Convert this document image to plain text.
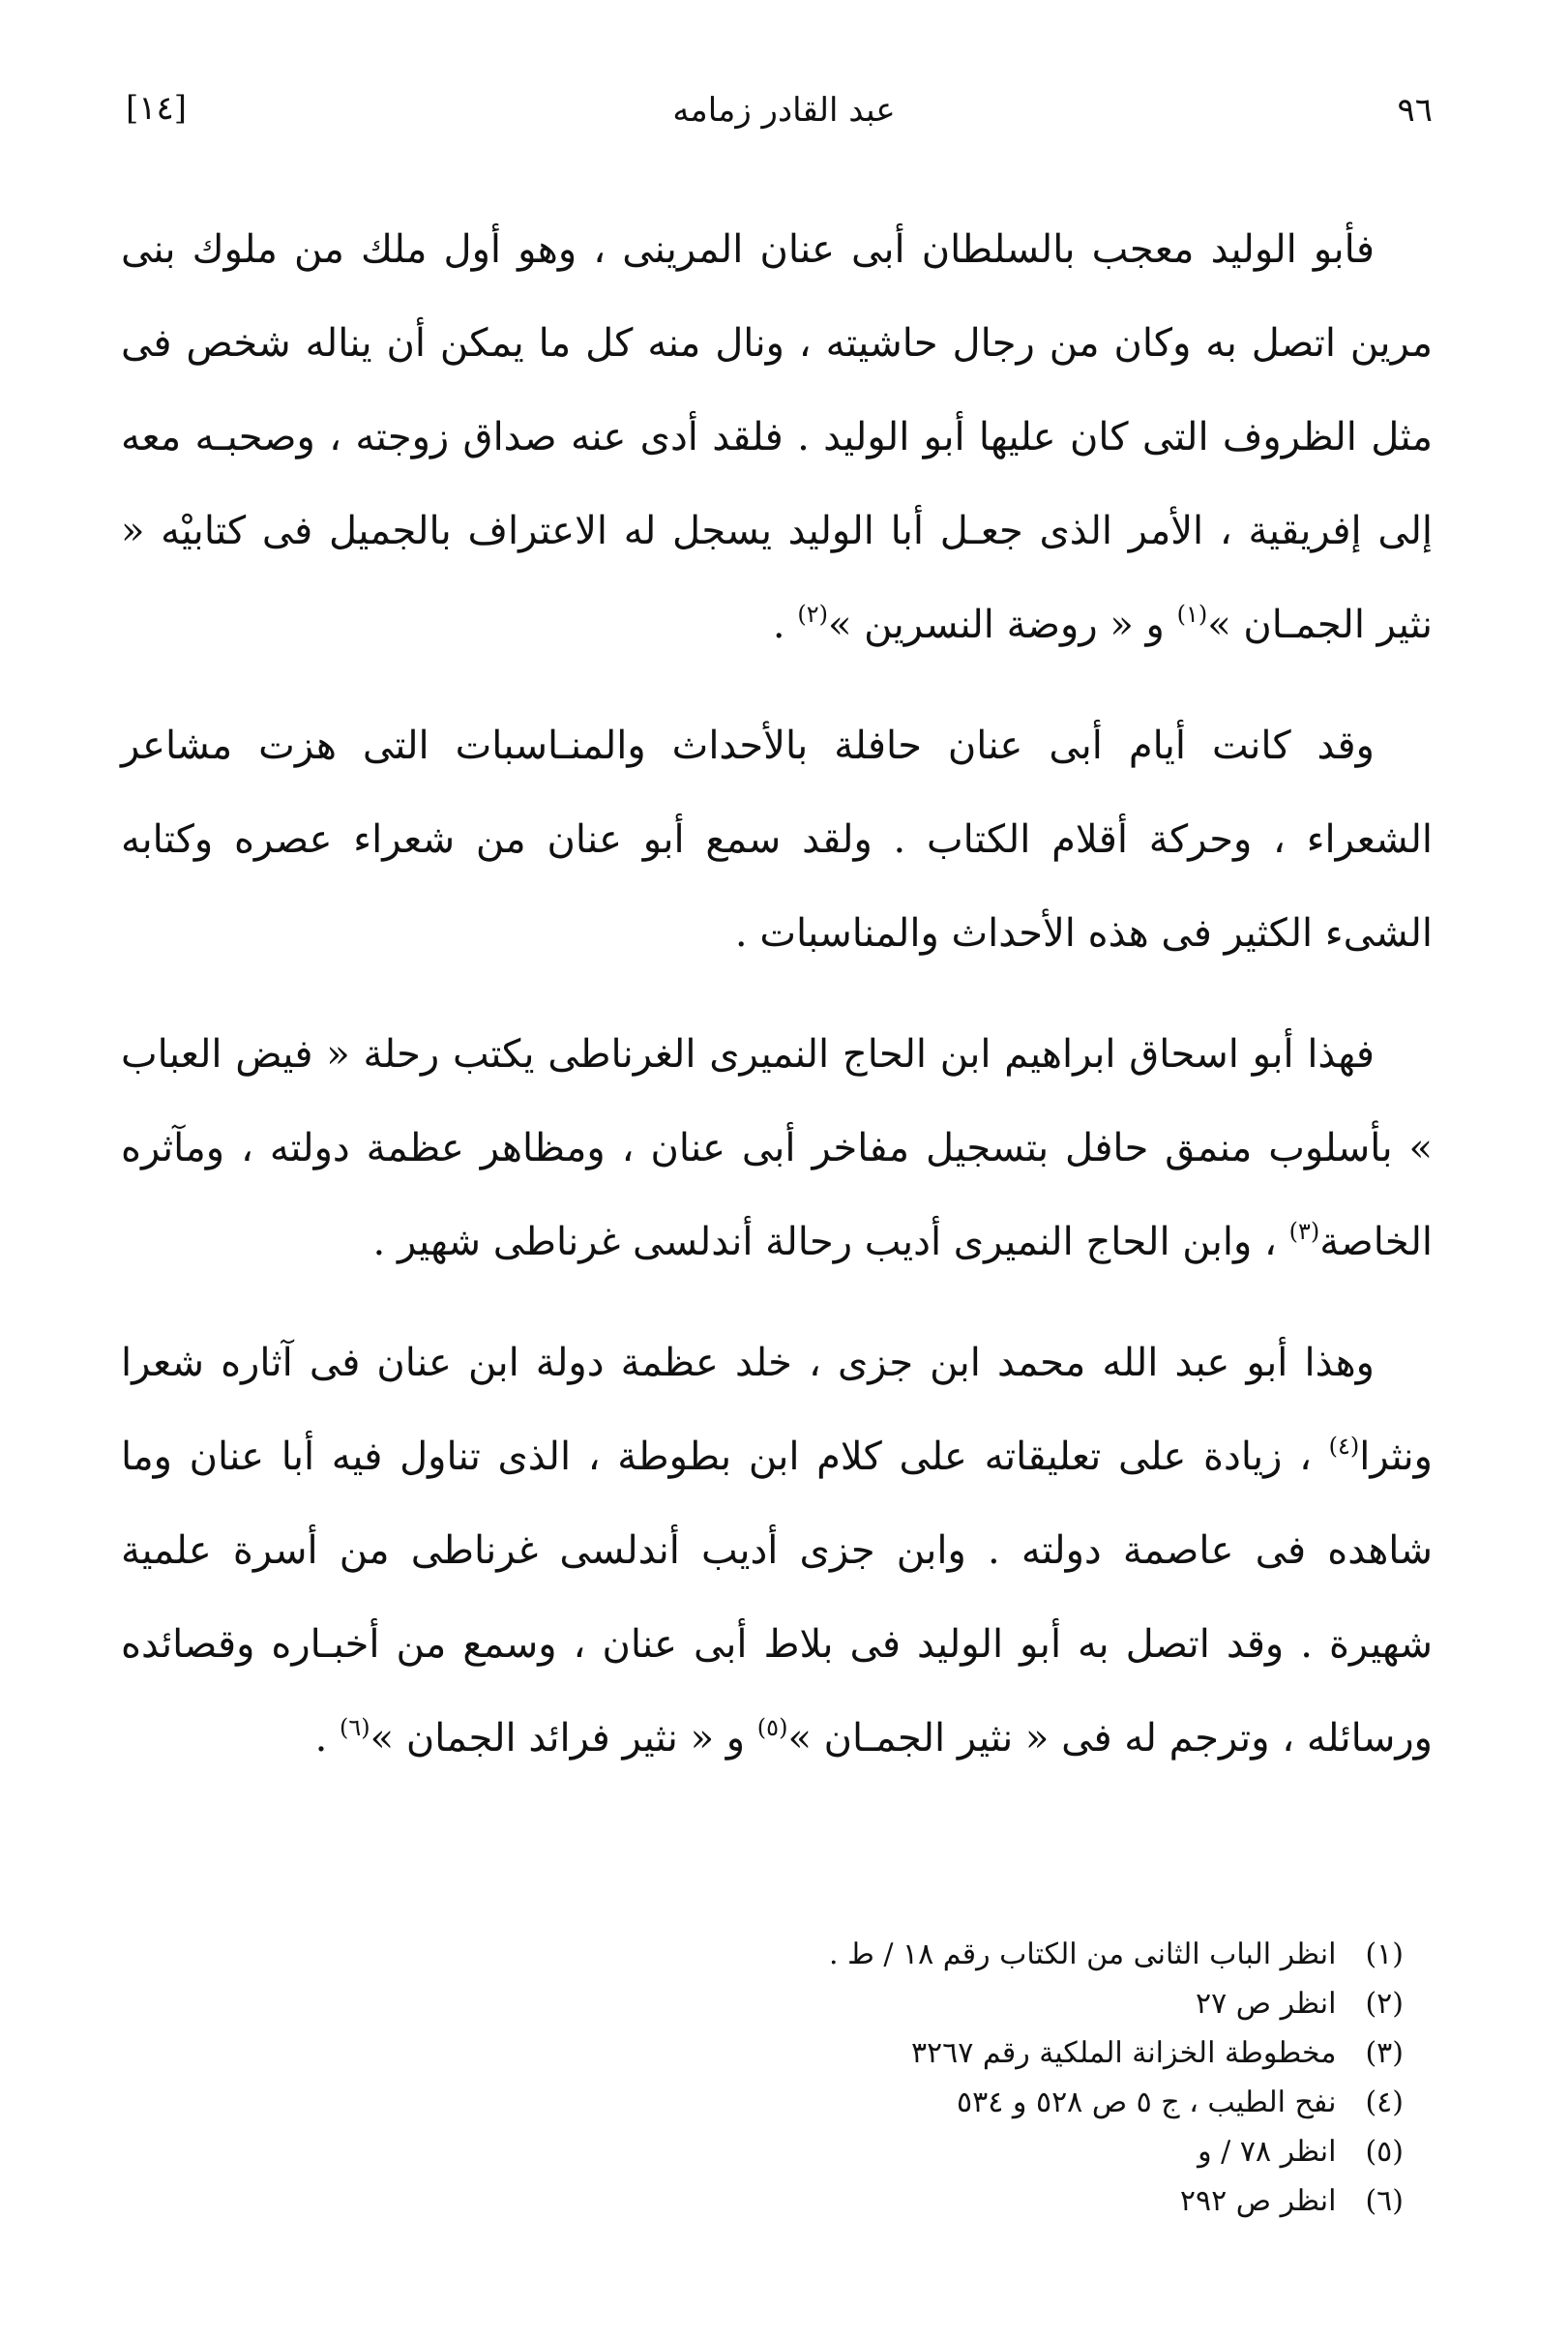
٩٦
عبد القادر زمامه
[١٤]

فأبو الوليد معجب بالسلطان أبى عنان المرينى ، وهو أول ملك من ملوك بنى مرين اتصل به وكان من رجال حاشيته ، ونال منه كل ما يمكن أن يناله شخص فى مثل الظروف التى كان عليها أبو الوليد . فلقد أدى عنه صداق زوجته ، وصحبـه معه إلى إفريقية ، الأمر الذى جعـل أبا الوليد يسجل له الاعتراف بالجميل فى كتابيْه « نثير الجمـان »$^{(١)}$ و « روضة النسرين »$^{(٢)}$ .

وقد كانت أيام أبى عنان حافلة بالأحداث والمنـاسبات التى هزت مشاعر الشعراء ، وحركة أقلام الكتاب . ولقد سمع أبو عنان من شعراء عصره وكتابه الشىء الكثير فى هذه الأحداث والمناسبات .

فهذا أبو اسحاق ابراهيم ابن الحاج النميرى الغرناطى يكتب رحلة « فيض العباب » بأسلوب منمق حافل بتسجيل مفاخر أبى عنان ، ومظاهر عظمة دولته ، ومآثره الخاصة$^{(٣)}$ ، وابن الحاج النميرى أديب رحالة أندلسى غرناطى شهير .

وهذا أبو عبد الله محمد ابن جزى ، خلد عظمة دولة ابن عنان فى آثاره شعرا ونثرا$^{(٤)}$ ، زيادة على تعليقاته على كلام ابن بطوطة ، الذى تناول فيه أبا عنان وما شاهده فى عاصمة دولته . وابن جزى أديب أندلسى غرناطى من أسرة علمية شهيرة . وقد اتصل به أبو الوليد فى بلاط أبى عنان ، وسمع من أخبـاره وقصائده ورسائله ، وترجم له فى « نثير الجمـان »$^{(٥)}$ و « نثير فرائد الجمان »$^{(٦)}$ .

(١) انظر الباب الثانى من الكتاب رقم ١٨ / ط .
(٢) انظر ص ٢٧
(٣) مخطوطة الخزانة الملكية رقم ٣٢٦٧
(٤) نفح الطيب ، ج ٥ ص ٥٢٨ و ٥٣٤
(٥) انظر ٧٨ / و
(٦) انظر ص ٢٩٢
